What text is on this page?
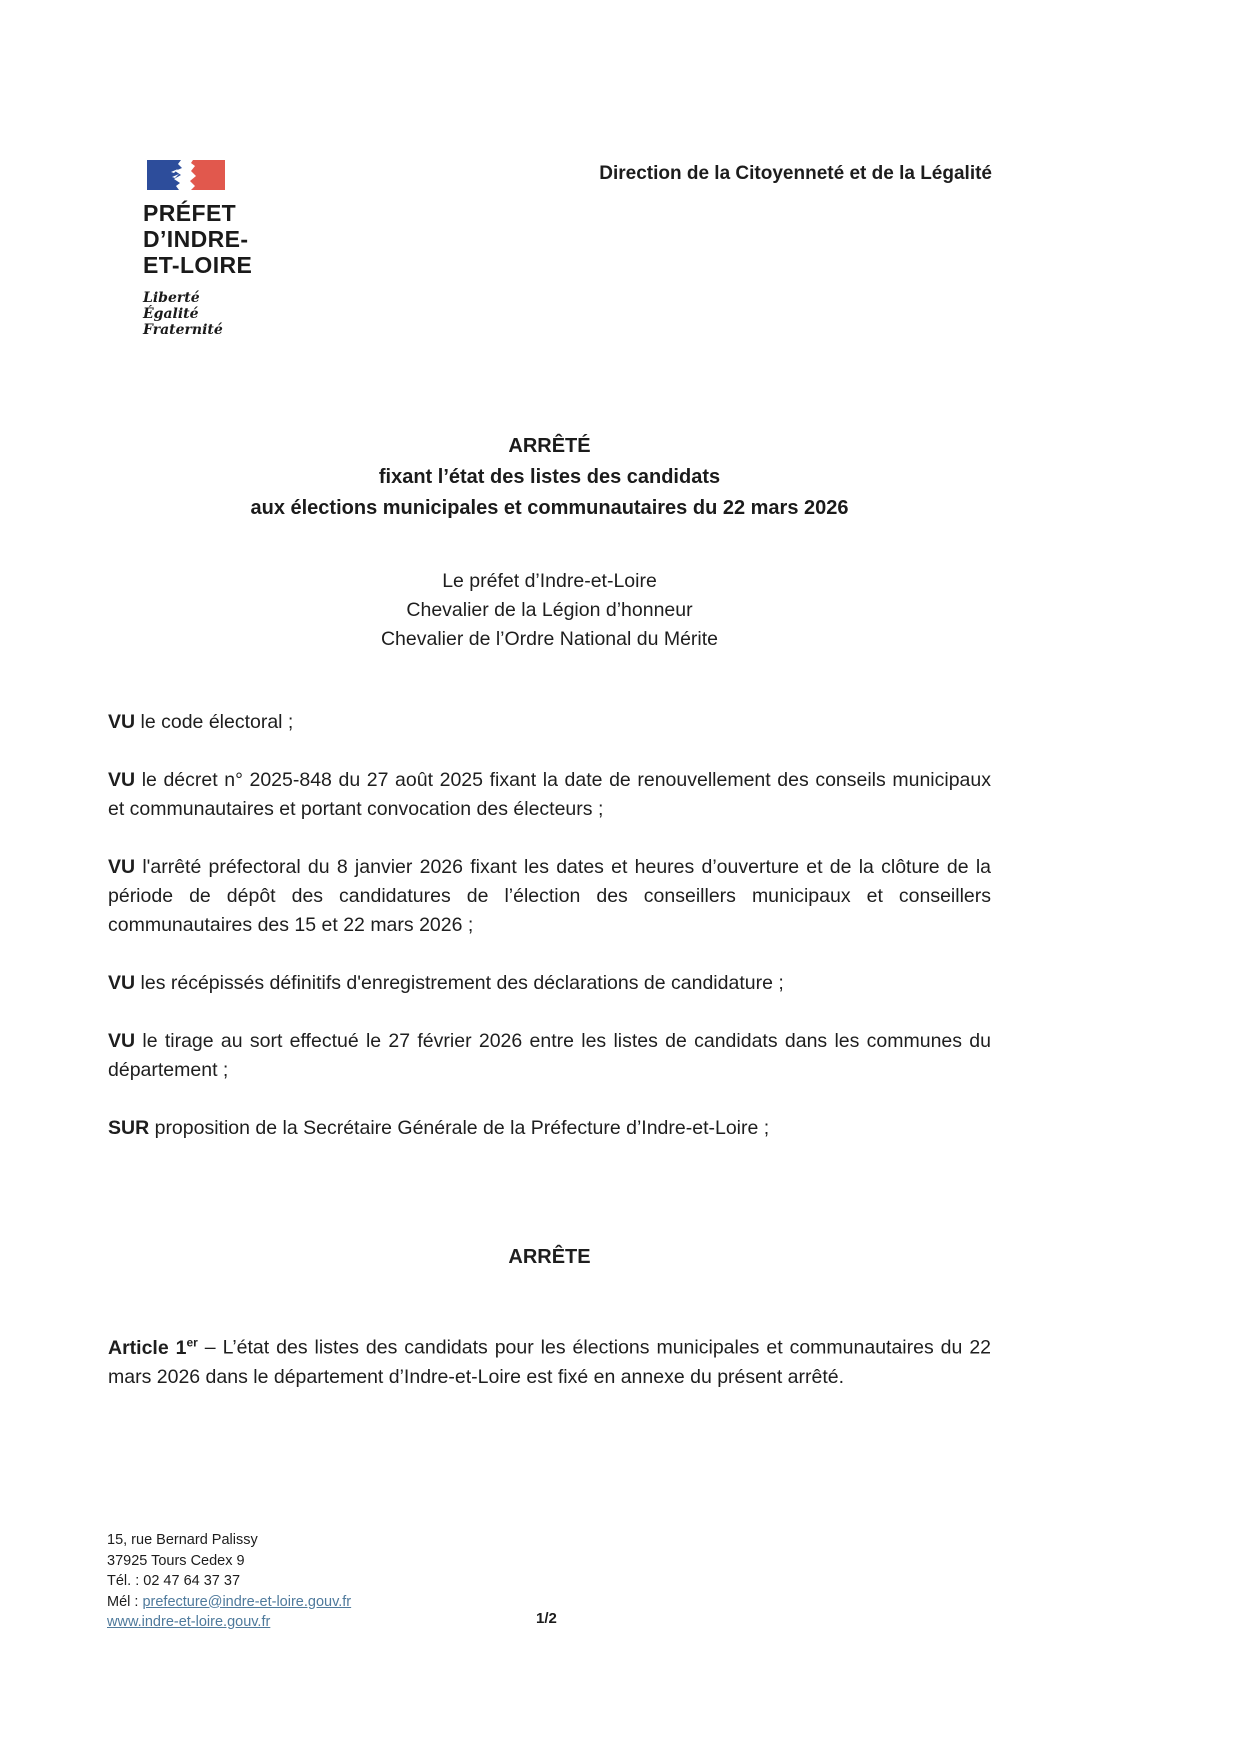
PRÉFET
D’INDRE-
ET-LOIRE
Liberté
Égalité
Fraternité
Direction de la Citoyenneté et de la Légalité
ARRÊTÉ
fixant l’état des listes des candidats
aux élections municipales et communautaires du 22 mars 2026
Le préfet d’Indre-et-Loire
Chevalier de la Légion d’honneur
Chevalier de l’Ordre National du Mérite

VU le code électoral ;

VU le décret n° 2025-848 du 27 août 2025 fixant la date de renouvellement des conseils municipaux et communautaires et portant convocation des électeurs ;

VU l'arrêté préfectoral du 8 janvier 2026 fixant les dates et heures d’ouverture et de la clôture de la période de dépôt des candidatures de l’élection des conseillers municipaux et conseillers communautaires des 15 et 22 mars 2026 ;

VU les récépissés définitifs d'enregistrement des déclarations de candidature ;

VU le tirage au sort effectué le 27 février 2026 entre les listes de candidats dans les communes du département ;

SUR proposition de la Secrétaire Générale de la Préfecture d’Indre-et-Loire ;

ARRÊTE

Article 1er – L’état des listes des candidats pour les élections municipales et communautaires du 22 mars 2026 dans le département d’Indre-et-Loire est fixé en annexe du présent arrêté.

15, rue Bernard Palissy
37925 Tours Cedex 9
Tél. : 02 47 64 37 37
Mél : prefecture@indre-et-loire.gouv.fr
www.indre-et-loire.gouv.fr	1/2
